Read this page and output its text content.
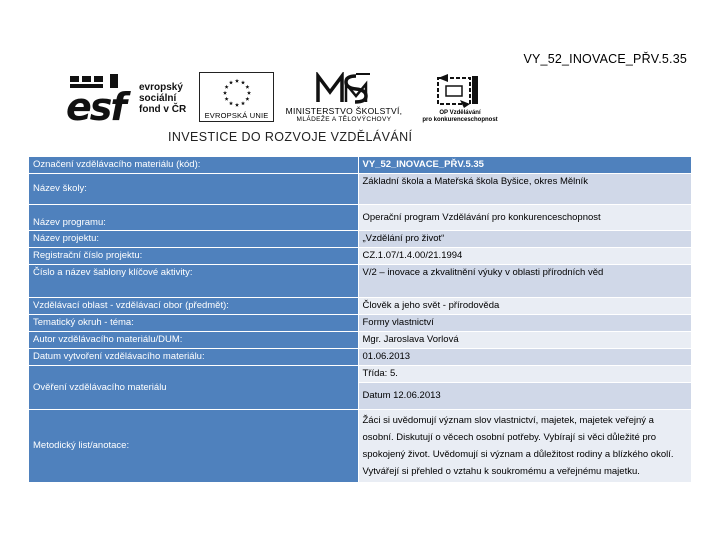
VY_52_INOVACE_PŘV.5.35
esf	evropský
sociální
fond v ČR
EVROPSKÁ UNIE	MINISTERSTVO ŠKOLSTVÍ,
MLÁDEŽE A TĚLOVÝCHOVY
OP Vzdělávání
pro konkurenceschopnost
INVESTICE DO ROZVOJE VZDĚLÁVÁNÍ
Označení vzdělávacího materiálu (kód):	VY_52_INOVACE_PŘV.5.35
Název školy:	Základní škola a Mateřská škola Byšice, okres Mělník
Název programu:	Operační program Vzdělávání pro konkurenceschopnost
Název projektu:	„Vzdělání pro život“
Registrační číslo projektu:	CZ.1.07/1.4.00/21.1994
Číslo a název šablony klíčové aktivity:	V/2 – inovace a zkvalitnění výuky v oblasti přírodních věd
Vzdělávací oblast - vzdělávací obor (předmět):	Člověk a jeho svět - přírodověda
Tematický okruh - téma:	Formy vlastnictví
Autor vzdělávacího materiálu/DUM:	Mgr. Jaroslava Vorlová
Datum vytvoření vzdělávacího materiálu:	01.06.2013
Ověření vzdělávacího materiálu	Třída: 5.
	Datum 12.06.2013
Metodický list/anotace:	Žáci si uvědomují význam slov vlastnictví, majetek, majetek veřejný a osobní. Diskutují o věcech osobní potřeby. Vybírají si věci důležité pro spokojený život. Uvědomují si význam a důležitost rodiny a blízkého okolí. Vytvářejí si přehled o vztahu k soukromému a veřejnému majetku.
